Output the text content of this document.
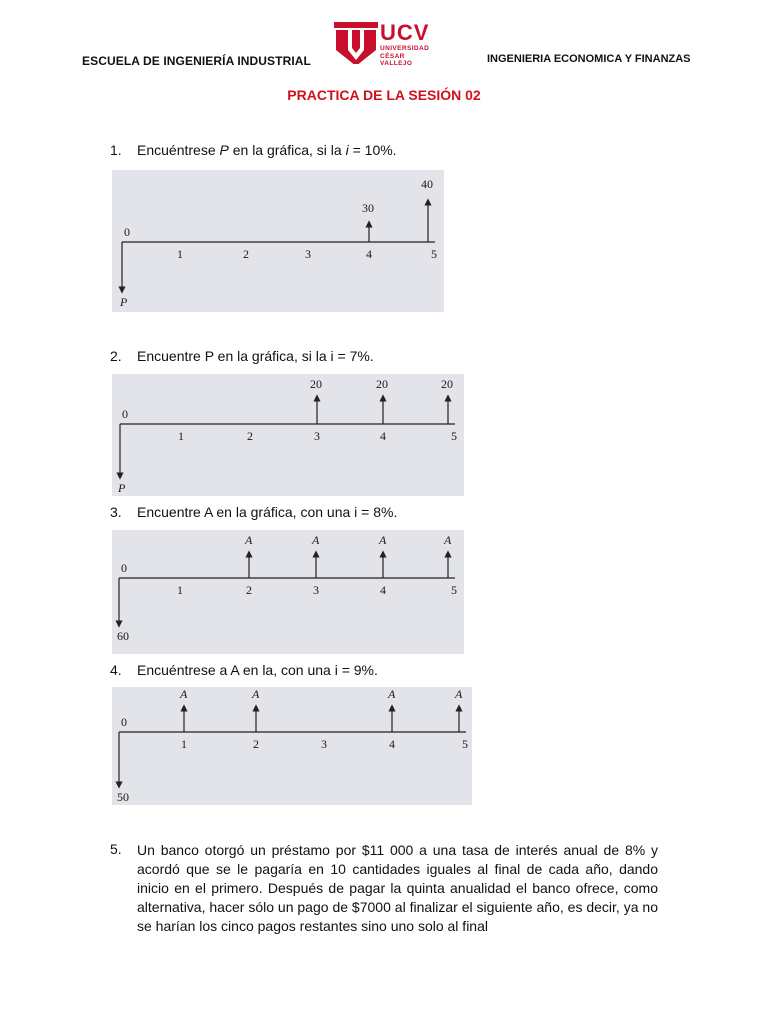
ESCUELA DE INGENIERÍA INDUSTRIAL
UCV
UNIVERSIDAD
CÉSAR VALLEJO	INGENIERIA ECONOMICA Y FINANZAS
PRACTICA DE LA SESIÓN 02
1. Encuéntrese P en la gráfica, si la i = 10%.
0
1	2	3	4	5
P
30
40
2. Encuentre P en la gráfica, si la i = 7%.
0
1	2	3	4	5
P
20	20	20
3. Encuentre A en la gráfica, con una i = 8%.
0
1	2	3	4	5
60
A	A	A	A
4. Encuéntrese a A en la, con una i = 9%.
0
1	2	3	4	5
50
A	A	A	A
5. Un banco otorgó un préstamo por $11 000 a una tasa de interés anual de 8% y acordó que se le pagaría en 10 cantidades iguales al final de cada año, dando inicio en el primero. Después de pagar la quinta anualidad el banco ofrece, como alternativa, hacer sólo un pago de $7000 al finalizar el siguiente año, es decir, ya no se harían los cinco pagos restantes sino uno solo al final
